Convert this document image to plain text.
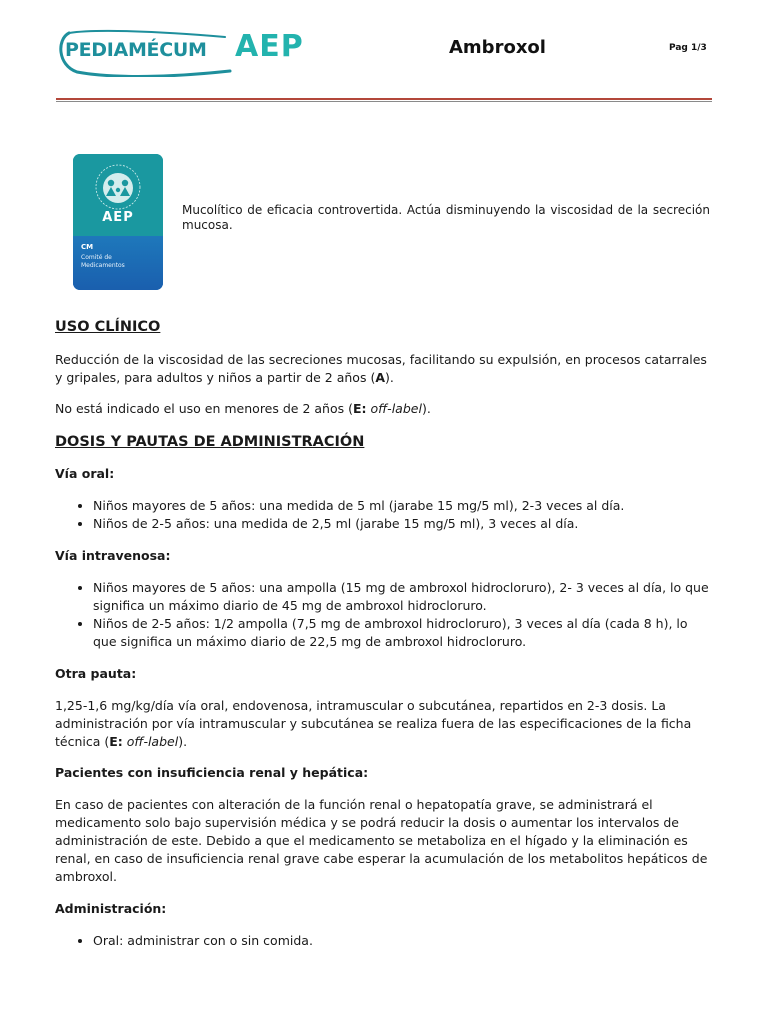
PEDIAMÉCUM AEP	Ambroxol	Pag 1/3
AEP
CM
Comité de
Medicamentos
Mucolítico de eficacia controvertida. Actúa disminuyendo la viscosidad de la secreción mucosa.
USO CLÍNICO

Reducción de la viscosidad de las secreciones mucosas, facilitando su expulsión, en procesos catarrales y gripales, para adultos y niños a partir de 2 años (A).

No está indicado el uso en menores de 2 años (E: off-label).

DOSIS Y PAUTAS DE ADMINISTRACIÓN

Vía oral:

• Niños mayores de 5 años: una medida de 5 ml (jarabe 15 mg/5 ml), 2-3 veces al día.
• Niños de 2-5 años: una medida de 2,5 ml (jarabe 15 mg/5 ml), 3 veces al día.

Vía intravenosa:

• Niños mayores de 5 años: una ampolla (15 mg de ambroxol hidrocloruro), 2- 3 veces al día, lo que significa un máximo diario de 45 mg de ambroxol hidrocloruro.
• Niños de 2-5 años: 1/2 ampolla (7,5 mg de ambroxol hidrocloruro), 3 veces al día (cada 8 h), lo que significa un máximo diario de 22,5 mg de ambroxol hidrocloruro.

Otra pauta:

1,25-1,6 mg/kg/día vía oral, endovenosa, intramuscular o subcutánea, repartidos en 2-3 dosis. La administración por vía intramuscular y subcutánea se realiza fuera de las especificaciones de la ficha técnica (E: off-label).

Pacientes con insuficiencia renal y hepática:

En caso de pacientes con alteración de la función renal o hepatopatía grave, se administrará el medicamento solo bajo supervisión médica y se podrá reducir la dosis o aumentar los intervalos de administración de este. Debido a que el medicamento se metaboliza en el hígado y la eliminación es renal, en caso de insuficiencia renal grave cabe esperar la acumulación de los metabolitos hepáticos de ambroxol.

Administración:

• Oral: administrar con o sin comida.
